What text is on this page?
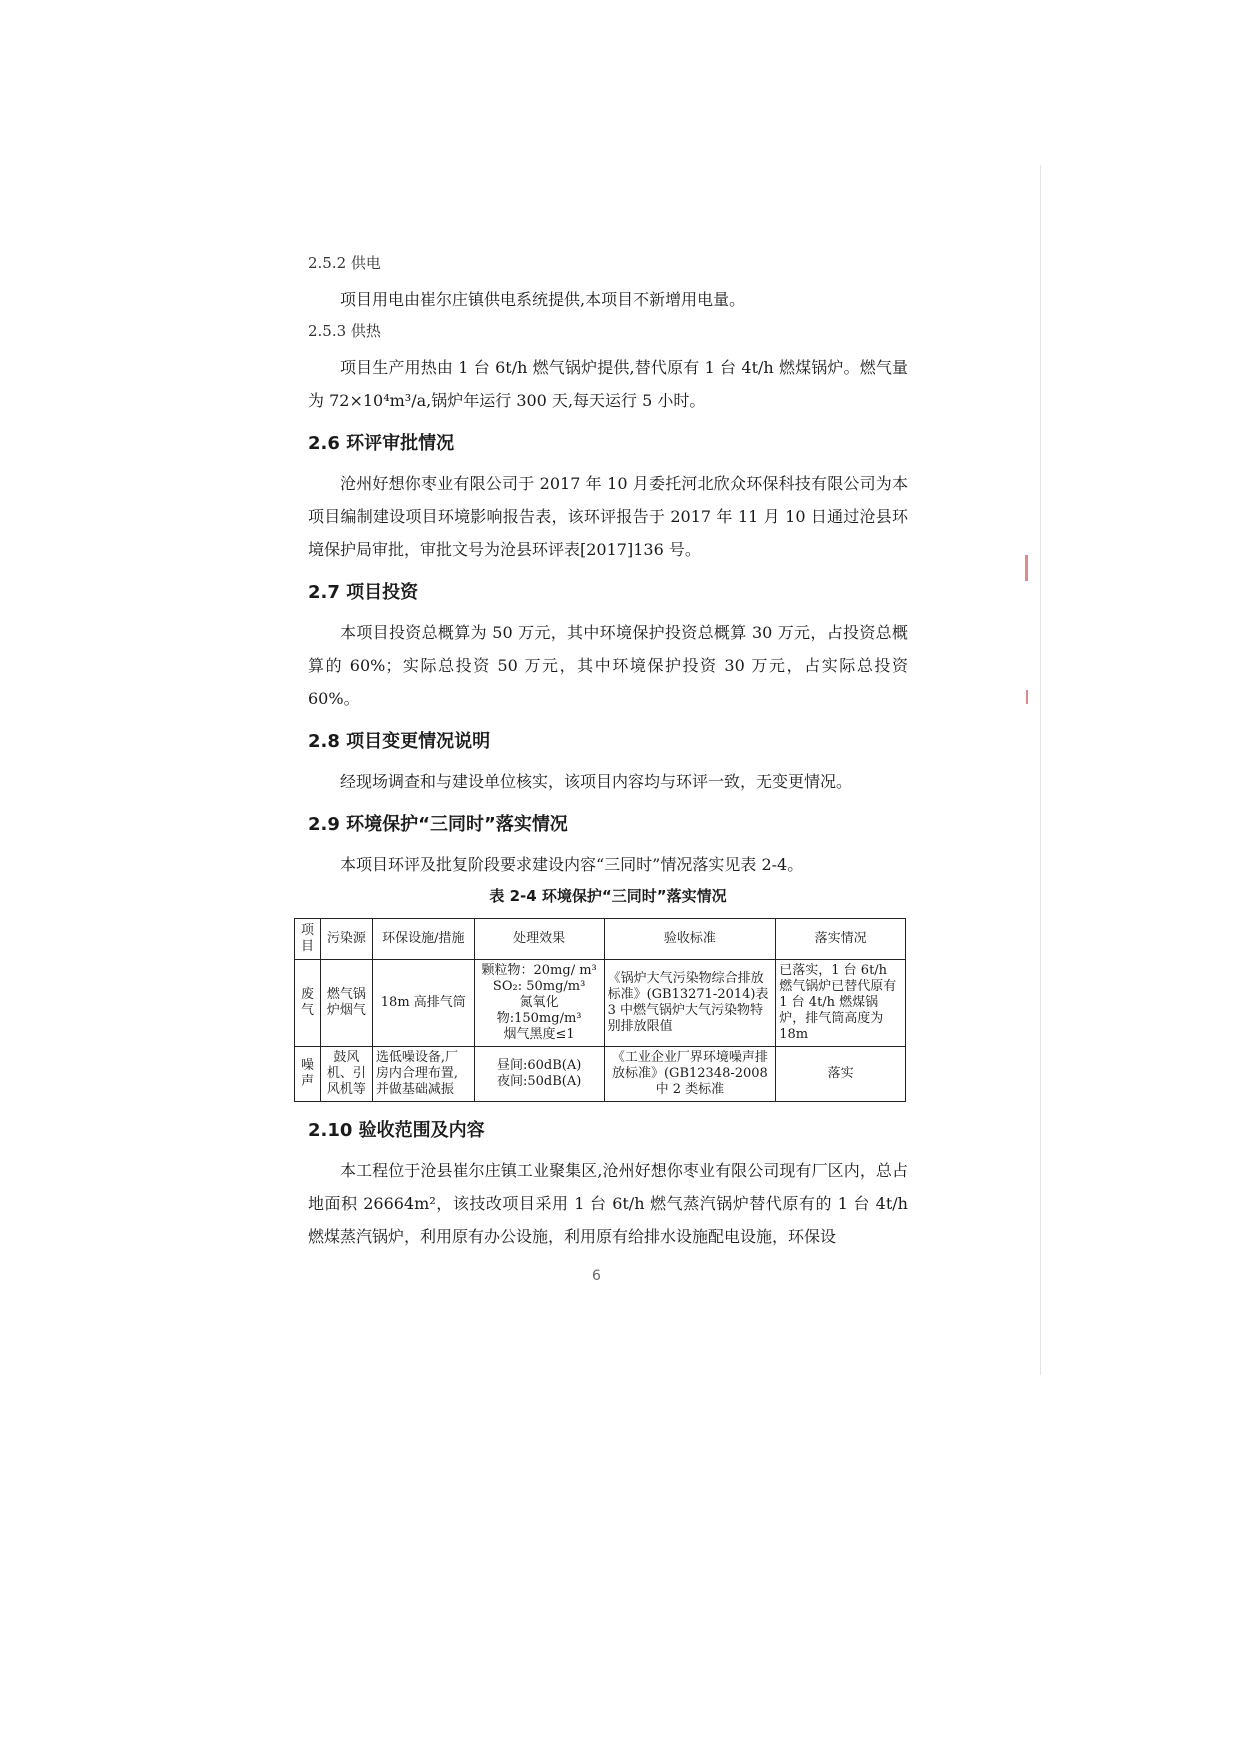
2.5.2 供电

项目用电由崔尔庄镇供电系统提供,本项目不新增用电量。

2.5.3 供热

项目生产用热由 1 台 6t/h 燃气锅炉提供,替代原有 1 台 4t/h 燃煤锅炉。燃气量为 72×10⁴m³/a,锅炉年运行 300 天,每天运行 5 小时。

2.6 环评审批情况

沧州好想你枣业有限公司于 2017 年 10 月委托河北欣众环保科技有限公司为本项目编制建设项目环境影响报告表，该环评报告于 2017 年 11 月 10 日通过沧县环境保护局审批，审批文号为沧县环评表[2017]136 号。

2.7 项目投资

本项目投资总概算为 50 万元，其中环境保护投资总概算 30 万元，占投资总概算的 60%；实际总投资 50 万元，其中环境保护投资 30 万元，占实际总投资 60%。

2.8 项目变更情况说明

经现场调查和与建设单位核实，该项目内容均与环评一致，无变更情况。

2.9 环境保护“三同时”落实情况

本项目环评及批复阶段要求建设内容“三同时”情况落实见表 2-4。

表 2-4 环境保护“三同时”落实情况
项目	污染源	环保设施/措施	处理效果	验收标准	落实情况
废气	燃气锅炉烟气	18m 高排气筒	颗粒物：20mg/ m³
SO₂: 50mg/m³
氮氧化物:150mg/m³
烟气黑度≤1	《锅炉大气污染物综合排放标准》(GB13271-2014)表 3 中燃气锅炉大气污染物特别排放限值	已落实，1 台 6t/h 燃气锅炉已替代原有 1 台 4t/h 燃煤锅炉，排气筒高度为 18m
噪声	鼓风机、引风机等	选低噪设备,厂房内合理布置,并做基础减振	昼间:60dB(A)
夜间:50dB(A)	《工业企业厂界环境噪声排放标准》(GB12348-2008 中 2 类标准	落实
2.10 验收范围及内容

本工程位于沧县崔尔庄镇工业聚集区,沧州好想你枣业有限公司现有厂区内，总占地面积 26664m²，该技改项目采用 1 台 6t/h 燃气蒸汽锅炉替代原有的 1 台 4t/h 燃煤蒸汽锅炉，利用原有办公设施，利用原有给排水设施配电设施，环保设

6
